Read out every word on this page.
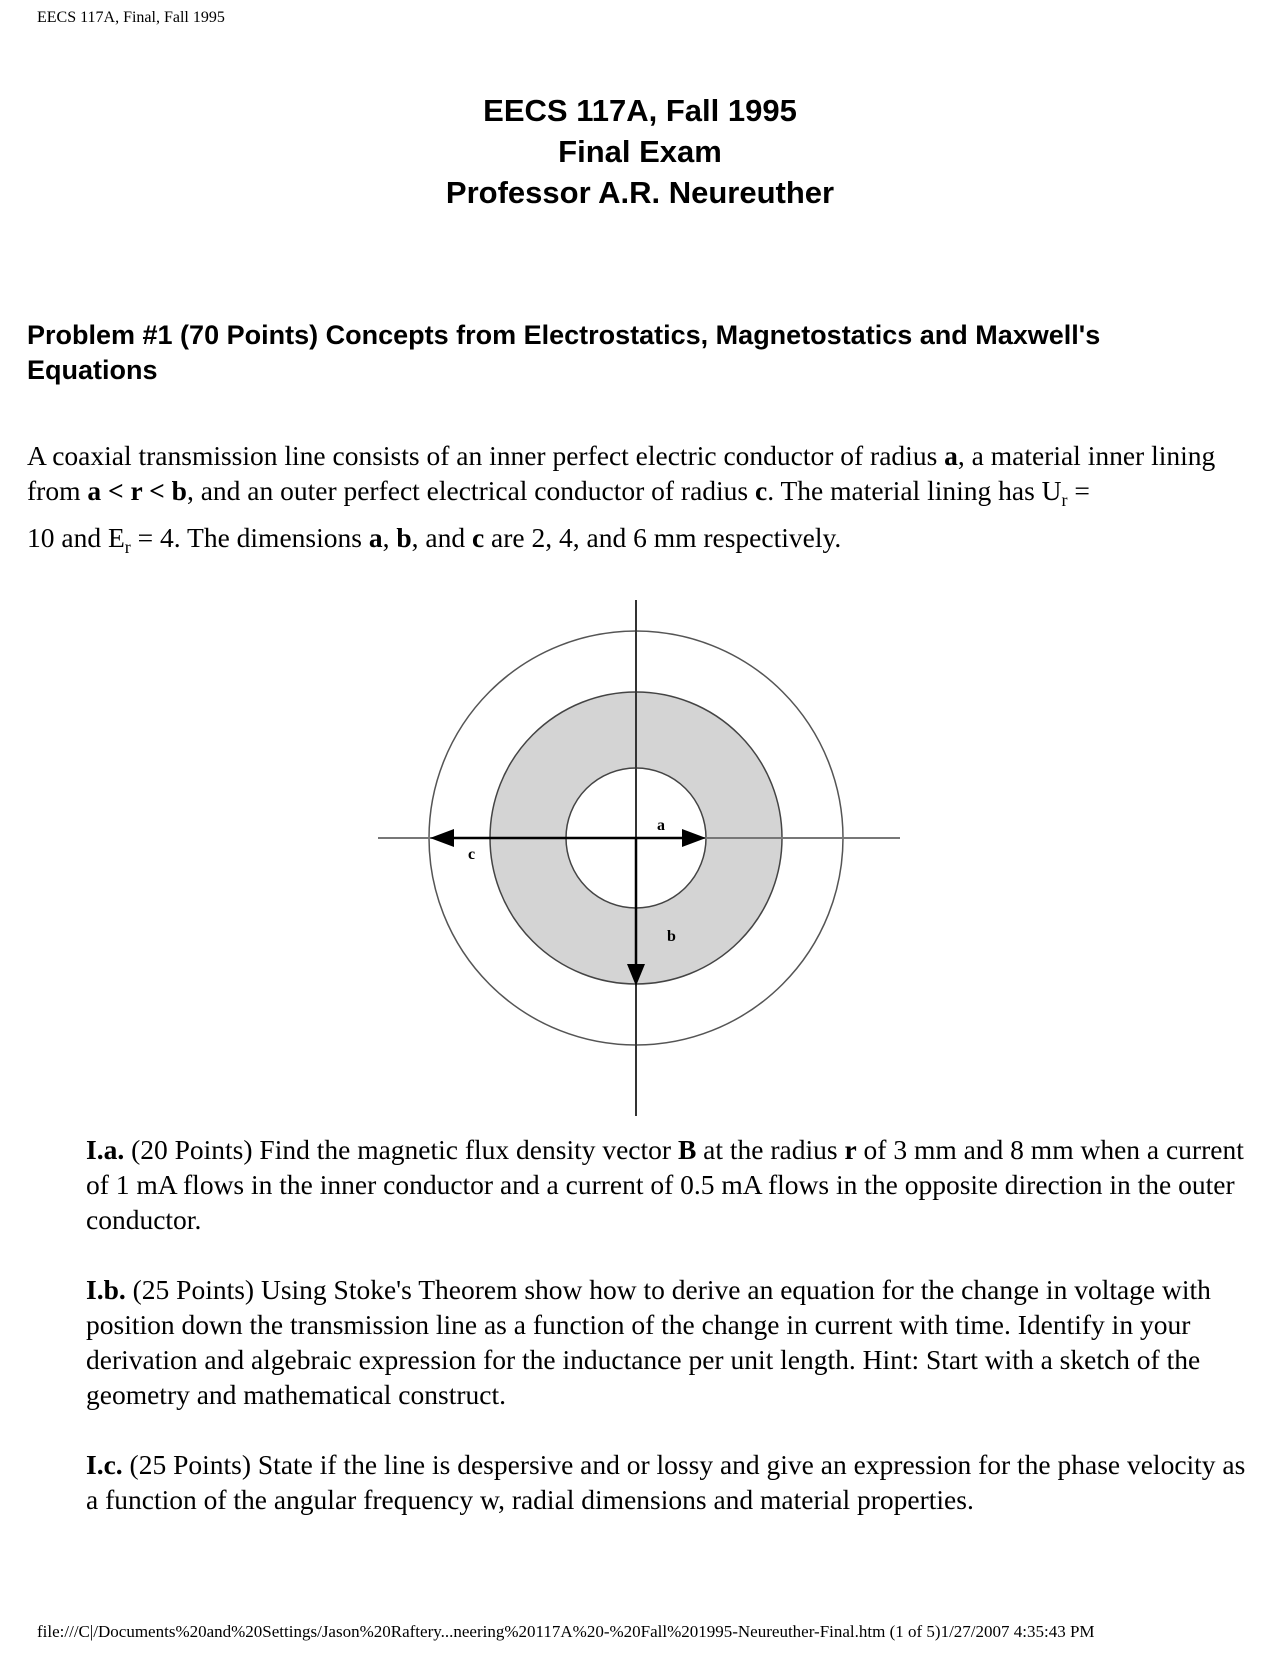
EECS 117A, Final, Fall 1995
EECS 117A, Fall 1995
Final Exam
Professor A.R. Neureuther
Problem #1 (70 Points) Concepts from Electrostatics, Magnetostatics and Maxwell's Equations
A coaxial transmission line consists of an inner perfect electric conductor of radius a, a material inner lining from a < r < b, and an outer perfect electrical conductor of radius c. The material lining has $U_r$ =
10 and $E_r = 4$. The dimensions a, b, and c are 2, 4, and 6 mm respectively.
a
c
b
I.a. (20 Points) Find the magnetic flux density vector B at the radius r of 3 mm and 8 mm when a current of 1 mA flows in the inner conductor and a current of 0.5 mA flows in the opposite direction in the outer conductor.
I.b. (25 Points) Using Stoke's Theorem show how to derive an equation for the change in voltage with position down the transmission line as a function of the change in current with time. Identify in your derivation and algebraic expression for the inductance per unit length. Hint: Start with a sketch of the geometry and mathematical construct.
I.c. (25 Points) State if the line is despersive and or lossy and give an expression for the phase velocity as a function of the angular frequency w, radial dimensions and material properties.
file:///C|/Documents%20and%20Settings/Jason%20Raftery...neering%20117A%20-%20Fall%201995-Neureuther-Final.htm (1 of 5)1/27/2007 4:35:43 PM
